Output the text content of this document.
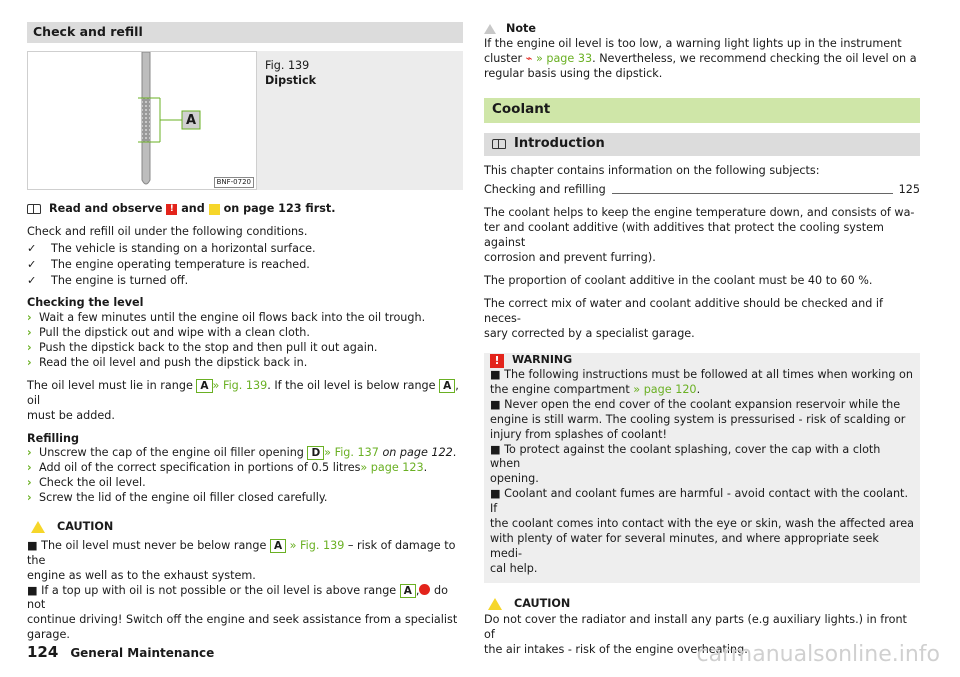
Check and refill
A
BNF-0720
Fig. 139
Dipstick
Read and observe
!
and

on page 123 first.

Check and refill oil under the following conditions.

✓	The vehicle is standing on a horizontal surface.
✓	The engine operating temperature is reached.
✓	The engine is turned off.
Checking the level
› Wait a few minutes until the engine oil flows back into the oil trough.
› Pull the dipstick out and wipe with a clean cloth.
› Push the dipstick back to the stop and then pull it out again.
› Read the oil level and push the dipstick back in.

The oil level must lie in range A » Fig. 139. If the oil level is below range A , oil
must be added.

Refilling
› Unscrew the cap of the engine oil filler opening D » Fig. 137 on page 122.
› Add oil of the correct specification in portions of 0.5 litres» page 123.
› Check the oil level.
› Screw the lid of the engine oil filler closed carefully.
CAUTION
■ The oil level must never be below range A » Fig. 139 – risk of damage to the
engine as well as to the exhaust system.
■ If a top up with oil is not possible or the oil level is above range A , do not
continue driving! Switch off the engine and seek assistance from a specialist
garage.
Note
If the engine oil level is too low, a warning light lights up in the instrument
cluster ⌁ » page 33. Nevertheless, we recommend checking the oil level on a
regular basis using the dipstick.
Coolant
Introduction

This chapter contains information on the following subjects:

Checking and refilling	125

The coolant helps to keep the engine temperature down, and consists of wa-
ter and coolant additive (with additives that protect the cooling system against
corrosion and prevent furring).

The proportion of coolant additive in the coolant must be 40 to 60 %.

The correct mix of water and coolant additive should be checked and if neces-
sary corrected by a specialist garage.

!	WARNING
■ The following instructions must be followed at all times when working on
the engine compartment » page 120.
■ Never open the end cover of the coolant expansion reservoir while the
engine is still warm. The cooling system is pressurised - risk of scalding or
injury from splashes of coolant!
■ To protect against the coolant splashing, cover the cap with a cloth when
opening.
■ Coolant and coolant fumes are harmful - avoid contact with the coolant. If
the coolant comes into contact with the eye or skin, wash the affected area
with plenty of water for several minutes, and where appropriate seek medi-
cal help.
CAUTION
Do not cover the radiator and install any parts (e.g auxiliary lights.) in front of
the air intakes - risk of the engine overheating.
124 General Maintenance	carmanualsonline.info
